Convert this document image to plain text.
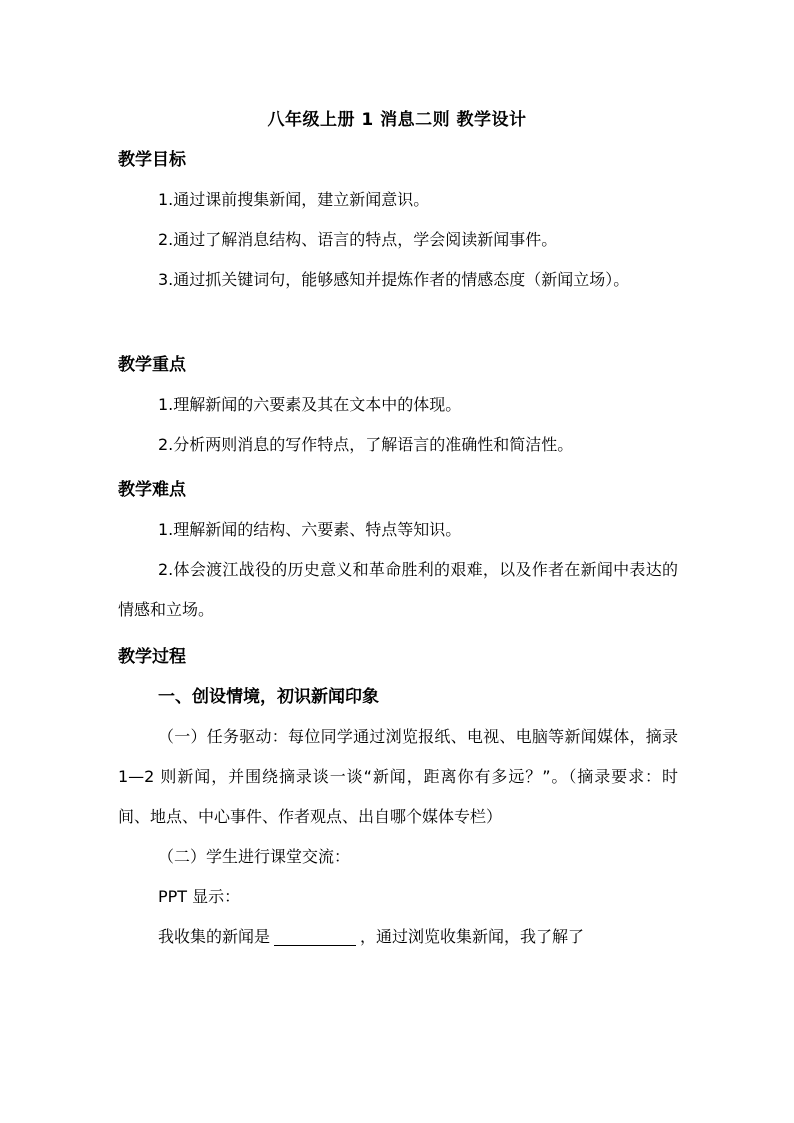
八年级上册 1 消息二则 教学设计
教学目标

1.通过课前搜集新闻，建立新闻意识。

2.通过了解消息结构、语言的特点，学会阅读新闻事件。

3.通过抓关键词句，能够感知并提炼作者的情感态度（新闻立场）。

教学重点

1.理解新闻的六要素及其在文本中的体现。

2.分析两则消息的写作特点，了解语言的准确性和简洁性。

教学难点

1.理解新闻的结构、六要素、特点等知识。

2.体会渡江战役的历史意义和革命胜利的艰难，以及作者在新闻中表达的情感和立场。

教学过程

一、创设情境，初识新闻印象

（一）任务驱动：每位同学通过浏览报纸、电视、电脑等新闻媒体，摘录 1—2 则新闻，并围绕摘录谈一谈“新闻，距离你有多远？”。（摘录要求：时间、地点、中心事件、作者观点、出自哪个媒体专栏）

（二）学生进行课堂交流：

PPT 显示：

我收集的新闻是	，通过浏览收集新闻，我了解了
